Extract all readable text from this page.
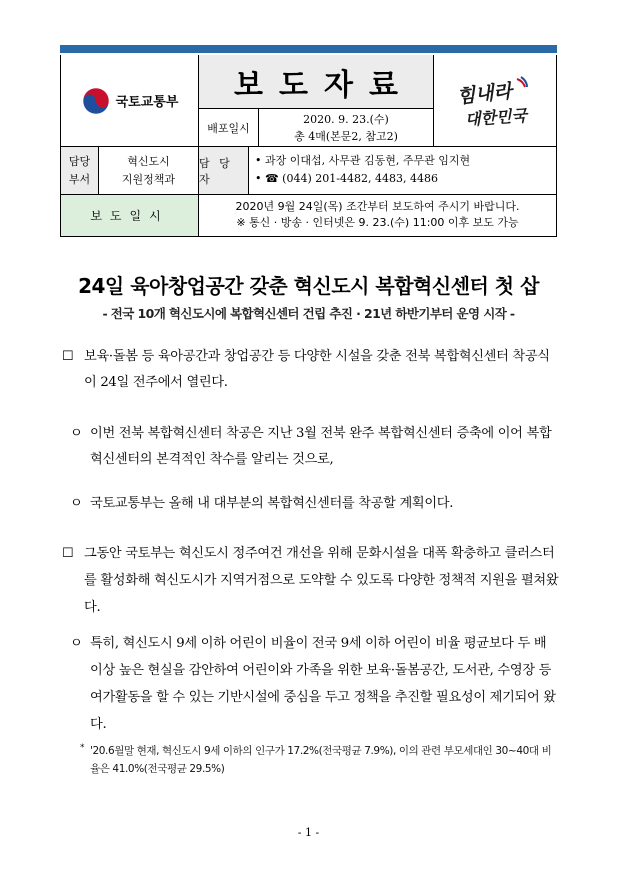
국토교통부	보도자료
배포일시
2020. 9. 23.(수)
총 4매(본문2, 참고2)
힘내라
대한민국
담당
부서
혁신도시
지원정책과
담 당 자
• 과장 이대섭, 사무관 김동현, 주무관 임지현
• ☎ (044) 201-4482, 4483, 4486
보도일시
2020년 9월 24일(목) 조간부터 보도하여 주시기 바랍니다.
※ 통신 · 방송 · 인터넷은 9. 23.(수) 11:00 이후 보도 가능
24일 육아창업공간 갖춘 혁신도시 복합혁신센터 첫 삽
- 전국 10개 혁신도시에 복합혁신센터 건립 추진 · 21년 하반기부터 운영 시작 -
☐ 보육·돌봄 등 육아공간과 창업공간 등 다양한 시설을 갖춘 전북 복합혁신센터 착공식이 24일 전주에서 열린다.
ㅇ 이번 전북 복합혁신센터 착공은 지난 3월 전북 완주 복합혁신센터 증축에 이어 복합혁신센터의 본격적인 착수를 알리는 것으로,
ㅇ 국토교통부는 올해 내 대부분의 복합혁신센터를 착공할 계획이다.
☐ 그동안 국토부는 혁신도시 정주여건 개선을 위해 문화시설을 대폭 확충하고 클러스터를 활성화해 혁신도시가 지역거점으로 도약할 수 있도록 다양한 정책적 지원을 펼쳐왔다.
ㅇ 특히, 혁신도시 9세 이하 어린이 비율이 전국 9세 이하 어린이 비율 평균보다 두 배 이상 높은 현실을 감안하여 어린이와 가족을 위한 보육·돌봄공간, 도서관, 수영장 등 여가활동을 할 수 있는 기반시설에 중심을 두고 정책을 추진할 필요성이 제기되어 왔다.
* '20.6월말 현재, 혁신도시 9세 이하의 인구가 17.2%(전국평균 7.9%), 이의 관련 부모세대인 30~40대 비율은 41.0%(전국평균 29.5%)
- 1 -
